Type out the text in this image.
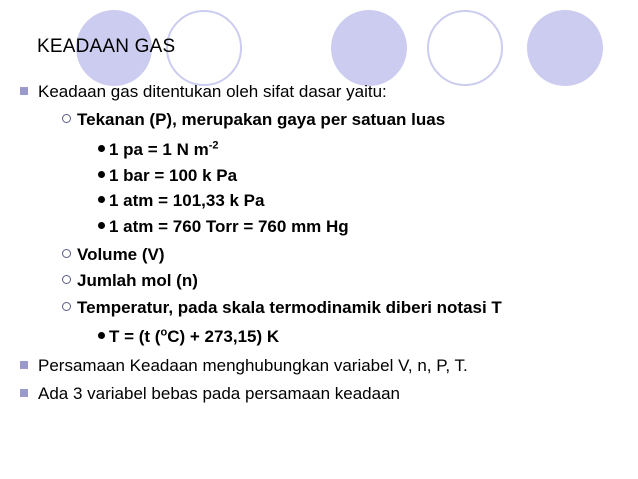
KEADAAN GAS
Keadaan gas ditentukan oleh sifat dasar yaitu:
Tekanan (P), merupakan gaya per satuan luas
1 pa = 1 N $m^{-2}$
1 bar = 100 k Pa
1 atm = 101,33 k Pa
1 atm = 760 Torr = 760 mm Hg
Volume (V)
Jumlah mol (n)
Temperatur, pada skala termodinamik diberi notasi T
T = (t ($^o$C) + 273,15) K
Persamaan Keadaan menghubungkan variabel V, n, P, T.
Ada 3 variabel bebas pada persamaan keadaan
